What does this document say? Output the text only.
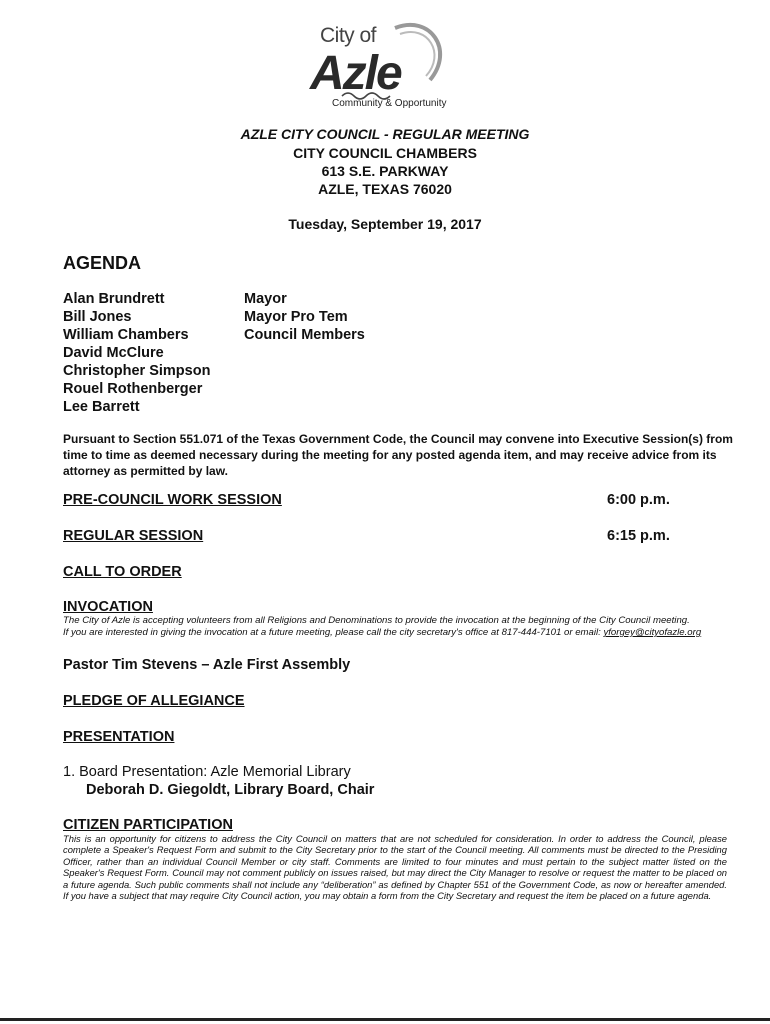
City of
Azle
Community & Opportunity
AZLE CITY COUNCIL - REGULAR MEETING
CITY COUNCIL CHAMBERS
613 S.E. PARKWAY
AZLE, TEXAS 76020
Tuesday, September 19, 2017
AGENDA
Alan Brundrett
Bill Jones
William Chambers
David McClure
Christopher Simpson
Rouel Rothenberger
Lee Barrett
Mayor
Mayor Pro Tem
Council Members
Pursuant to Section 551.071 of the Texas Government Code, the Council may convene into Executive Session(s) from time to time as deemed necessary during the meeting for any posted agenda item, and may receive advice from its attorney as permitted by law.
PRE-COUNCIL WORK SESSION	6:00 p.m.
REGULAR SESSION	6:15 p.m.
CALL TO ORDER
INVOCATION
The City of Azle is accepting volunteers from all Religions and Denominations to provide the invocation at the beginning of the City Council meeting.
If you are interested in giving the invocation at a future meeting, please call the city secretary's office at 817-444-7101 or email: yforgey@cityofazle.org
Pastor Tim Stevens – Azle First Assembly
PLEDGE OF ALLEGIANCE
PRESENTATION
1. Board Presentation: Azle Memorial Library
Deborah D. Giegoldt, Library Board, Chair
CITIZEN PARTICIPATION
This is an opportunity for citizens to address the City Council on matters that are not scheduled for consideration. In order to address the Council, please complete a Speaker's Request Form and submit to the City Secretary prior to the start of the Council meeting. All comments must be directed to the Presiding Officer, rather than an individual Council Member or city staff. Comments are limited to four minutes and must pertain to the subject matter listed on the Speaker's Request Form. Council may not comment publicly on issues raised, but may direct the City Manager to resolve or request the matter to be placed on a future agenda. Such public comments shall not include any “deliberation” as defined by Chapter 551 of the Government Code, as now or hereafter amended. If you have a subject that may require City Council action, you may obtain a form from the City Secretary and request the item be placed on a future agenda.
